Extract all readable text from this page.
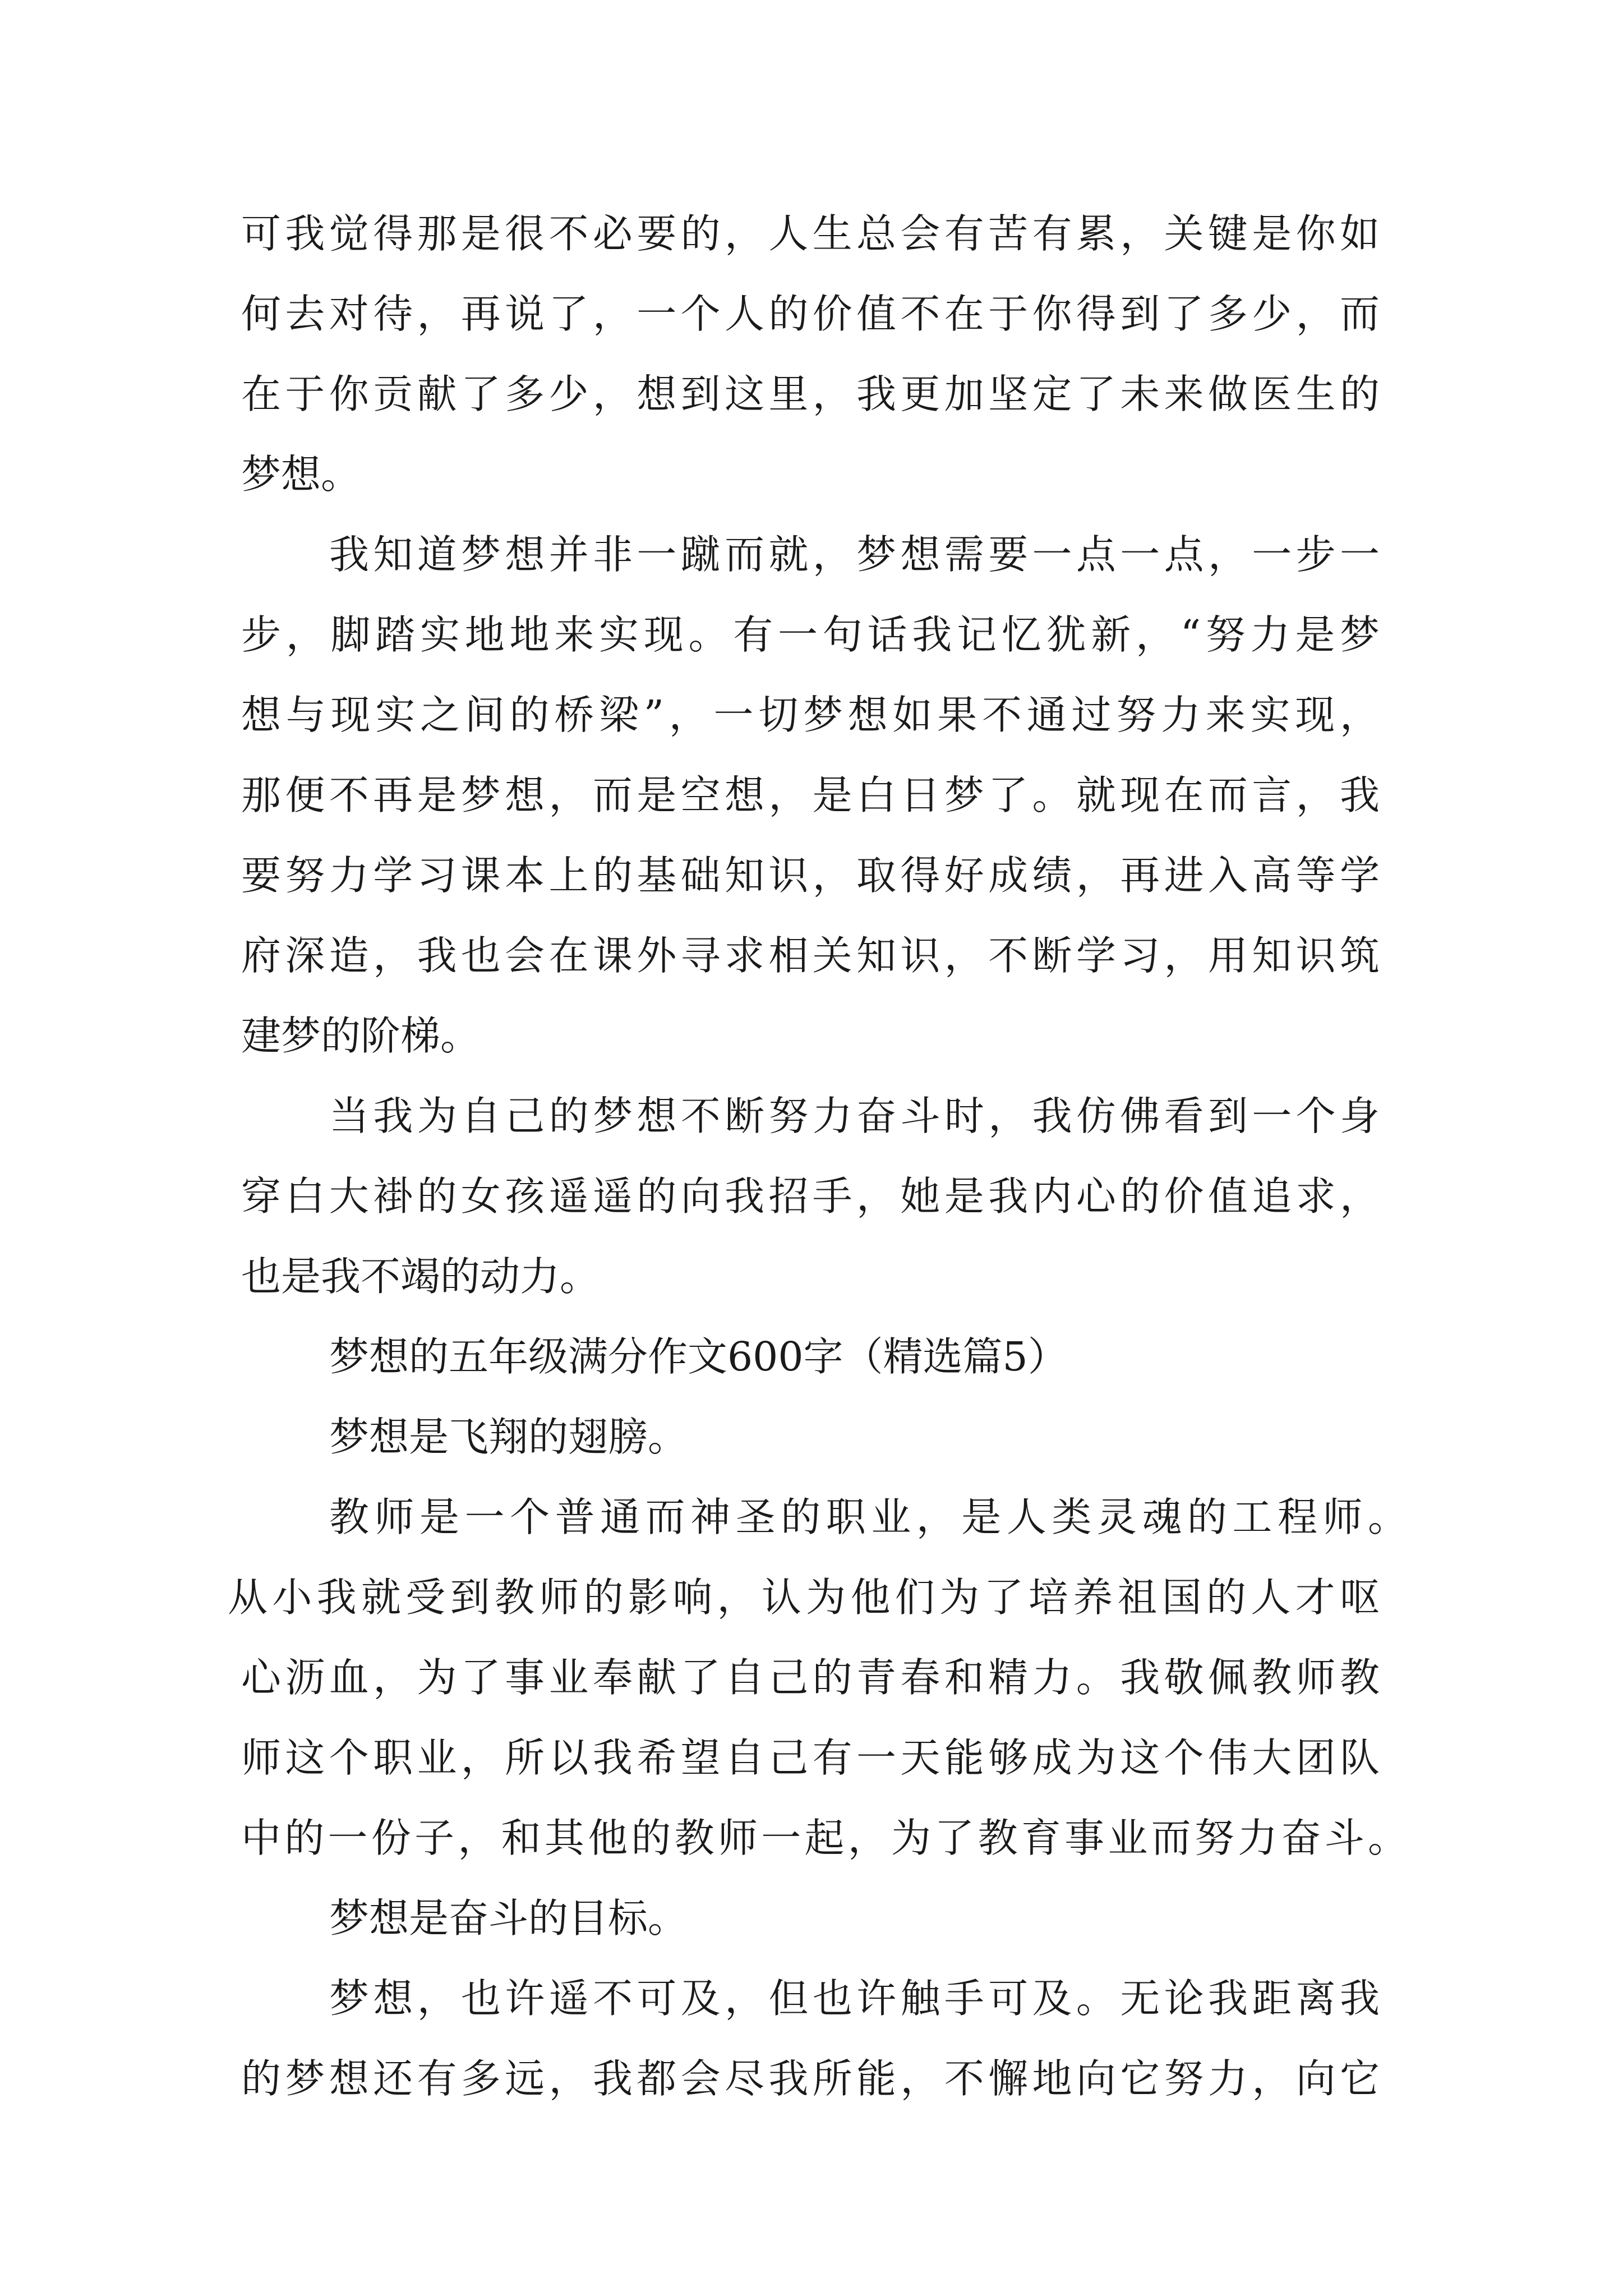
可我觉得那是很不必要的，人生总会有苦有累，关键是你如
何去对待，再说了，一个人的价值不在于你得到了多少，而
在于你贡献了多少，想到这里，我更加坚定了未来做医生的
梦想。
我知道梦想并非一蹴而就，梦想需要一点一点，一步一
步，脚踏实地地来实现。有一句话我记忆犹新，“努力是梦
想与现实之间的桥梁”，一切梦想如果不通过努力来实现，
那便不再是梦想，而是空想，是白日梦了。就现在而言，我
要努力学习课本上的基础知识，取得好成绩，再进入高等学
府深造，我也会在课外寻求相关知识，不断学习，用知识筑
建梦的阶梯。
当我为自己的梦想不断努力奋斗时，我仿佛看到一个身
穿白大褂的女孩遥遥的向我招手，她是我内心的价值追求，
也是我不竭的动力。
梦想的五年级满分作文600字（精选篇5）
梦想是飞翔的翅膀。
教师是一个普通而神圣的职业，是人类灵魂的工程师。
从小我就受到教师的影响，认为他们为了培养祖国的人才呕
心沥血，为了事业奉献了自己的青春和精力。我敬佩教师教
师这个职业，所以我希望自己有一天能够成为这个伟大团队
中的一份子，和其他的教师一起，为了教育事业而努力奋斗。
梦想是奋斗的目标。
梦想，也许遥不可及，但也许触手可及。无论我距离我
的梦想还有多远，我都会尽我所能，不懈地向它努力，向它
